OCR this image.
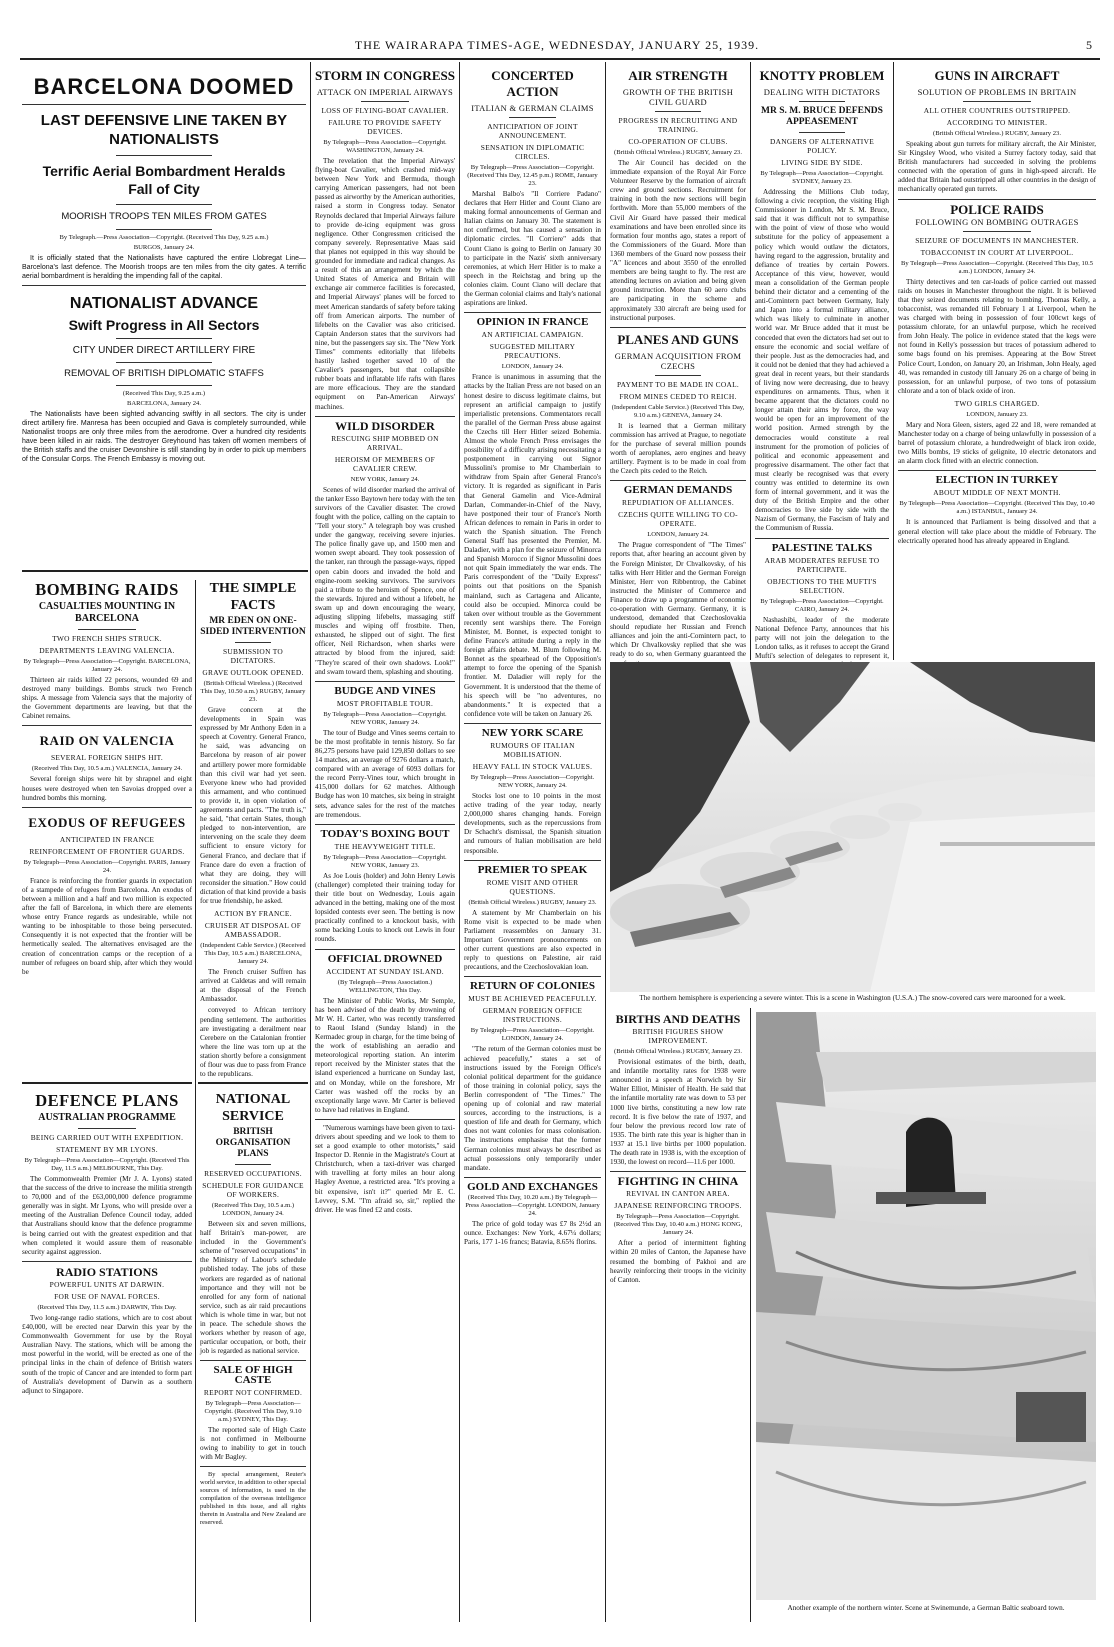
THE WAIRARAPA TIMES-AGE, WEDNESDAY, JANUARY 25, 1939.	5
BARCELONA DOOMED
LAST DEFENSIVE LINE TAKEN BY NATIONALISTS
Terrific Aerial Bombardment Heralds Fall of City
MOORISH TROOPS TEN MILES FROM GATES
By Telegraph.—Press Association—Copyright. (Received This Day, 9.25 a.m.)
BURGOS, January 24.

It is officially stated that the Nationalists have captured the entire Llobregat Line—Barcelona's last defence. The Moorish troops are ten miles from the city gates. A terrific aerial bombardment is heralding the impending fall of the capital.

NATIONALIST ADVANCE
Swift Progress in All Sectors
CITY UNDER DIRECT ARTILLERY FIRE
REMOVAL OF BRITISH DIPLOMATIC STAFFS
(Received This Day, 9.25 a.m.)
BARCELONA, January 24.

The Nationalists have been sighted advancing swiftly in all sectors. The city is under direct artillery fire. Manresa has been occupied and Gava is completely surrounded, while Nationalist troops are only three miles from the aerodrome. Over a hundred city residents have been killed in air raids. The destroyer Greyhound has taken off women members of the British staffs and the cruiser Devonshire is still standing by in order to pick up members of the Consular Corps. The French Embassy is moving out.

BOMBING RAIDS
CASUALTIES MOUNTING IN BARCELONA
TWO FRENCH SHIPS STRUCK.
DEPARTMENTS LEAVING VALENCIA.
By Telegraph—Press Association—Copyright. BARCELONA, January 24.

Thirteen air raids killed 22 persons, wounded 69 and destroyed many buildings. Bombs struck two French ships. A message from Valencia says that the majority of the Government departments are leaving, but that the Cabinet remains.

RAID ON VALENCIA
SEVERAL FOREIGN SHIPS HIT.
(Received This Day, 10.5 a.m.) VALENCIA, January 24.

Several foreign ships were hit by shrapnel and eight houses were destroyed when ten Savoias dropped over a hundred bombs this morning.

EXODUS OF REFUGEES
ANTICIPATED IN FRANCE
REINFORCEMENT OF FRONTIER GUARDS.
By Telegraph—Press Association—Copyright. PARIS, January 24.

France is reinforcing the frontier guards in expectation of a stampede of refugees from Barcelona. An exodus of between a million and a half and two million is expected after the fall of Barcelona, in which there are elements whose entry France regards as undesirable, while not wanting to be inhospitable to those being persecuted. Consequently it is not expected that the frontier will be hermetically sealed. The alternatives envisaged are the creation of concentration camps or the reception of a number of refugees on board ship, after which they would be

DEFENCE PLANS
AUSTRALIAN PROGRAMME
BEING CARRIED OUT WITH EXPEDITION.
STATEMENT BY MR LYONS.
By Telegraph—Press Association—Copyright. (Received This Day, 11.5 a.m.) MELBOURNE, This Day.

The Commonwealth Premier (Mr J. A. Lyons) stated that the success of the drive to increase the militia strength to 70,000 and of the £63,000,000 defence programme generally was in sight. Mr Lyons, who will preside over a meeting of the Australian Defence Council today, added that Australians should know that the defence programme is being carried out with the greatest expedition and that when completed it would assure them of reasonable security against aggression.

RADIO STATIONS
POWERFUL UNITS AT DARWIN.
FOR USE OF NAVAL FORCES.
(Received This Day, 11.5 a.m.) DARWIN, This Day.

Two long-range radio stations, which are to cost about £40,000, will be erected near Darwin this year by the Commonwealth Government for use by the Royal Australian Navy. The stations, which will be among the most powerful in the world, will be erected as one of the principal links in the chain of defence of British waters south of the tropic of Cancer and are intended to form part of Australia's development of Darwin as a southern adjunct to Singapore.

THE SIMPLE FACTS
MR EDEN ON ONE-SIDED INTERVENTION
SUBMISSION TO DICTATORS.
GRAVE OUTLOOK OPENED.
(British Official Wireless.) (Received This Day, 10.50 a.m.) RUGBY, January 23.

Grave concern at the developments in Spain was expressed by Mr Anthony Eden in a speech at Coventry. General Franco, he said, was advancing on Barcelona by reason of air power and artillery power more formidable than this civil war had yet seen. Everyone knew who had provided this armament, and who continued to provide it, in open violation of agreements and pacts. "The truth is," he said, "that certain States, though pledged to non-intervention, are intervening on the scale they deem sufficient to ensure victory for General Franco, and declare that if France dare do even a fraction of what they are doing, they will reconsider the situation." How could dictation of that kind provide a basis for true friendship, he asked.

ACTION BY FRANCE.
CRUISER AT DISPOSAL OF AMBASSADOR.
(Independent Cable Service.) (Received This Day, 10.5 a.m.) BARCELONA, January 24.

The French cruiser Suffren has arrived at Caldetas and will remain at the disposal of the French Ambassador.

conveyed to African territory pending settlement. The authorities are investigating a derailment near Cerebere on the Catalonian frontier where the line was torn up at the station shortly before a consignment of flour was due to pass from France to the republicans.

NATIONAL SERVICE
BRITISH ORGANISATION PLANS
RESERVED OCCUPATIONS.
SCHEDULE FOR GUIDANCE OF WORKERS.
(Received This Day, 10.5 a.m.) LONDON, January 24.

Between six and seven millions, half Britain's man-power, are included in the Government's scheme of "reserved occupations" in the Ministry of Labour's schedule published today. The jobs of these workers are regarded as of national importance and they will not be enrolled for any form of national service, such as air raid precautions which is whole time in war, but not in peace. The schedule shows the workers whether by reason of age, particular occupation, or both, their job is regarded as national service.

SALE OF HIGH CASTE
REPORT NOT CONFIRMED.
By Telegraph—Press Association—Copyright. (Received This Day, 9.10 a.m.) SYDNEY, This Day.

The reported sale of High Caste is not confirmed in Melbourne owing to inability to get in touch with Mr Bagley.

By special arrangement, Reuter's world service, in addition to other special sources of information, is used in the compilation of the overseas intelligence published in this issue, and all rights therein in Australia and New Zealand are reserved.

STORM IN CONGRESS
ATTACK ON IMPERIAL AIRWAYS
LOSS OF FLYING-BOAT CAVALIER.
FAILURE TO PROVIDE SAFETY DEVICES.
By Telegraph—Press Association—Copyright. WASHINGTON, January 24.

The revelation that the Imperial Airways' flying-boat Cavalier, which crashed mid-way between New York and Bermuda, though carrying American passengers, had not been passed as airworthy by the American authorities, raised a storm in Congress today. Senator Reynolds declared that Imperial Airways failure to provide de-icing equipment was gross negligence. Other Congressmen criticised the company severely. Representative Maas said that planes not equipped in this way should be grounded for immediate and radical changes. As a result of this an arrangement by which the United States of America and Britain will exchange air commerce facilities is forecasted, and Imperial Airways' planes will be forced to meet American standards of safety before taking off from American airports. The number of lifebelts on the Cavalier was also criticised. Captain Anderson states that the survivors had nine, but the passengers say six. The "New York Times" comments editorially that lifebelts hastily lashed together saved 10 of the Cavalier's passengers, but that collapsible rubber boats and inflatable life rafts with flares are more efficacious. They are the standard equipment on Pan-American Airways' machines.

WILD DISORDER
RESCUING SHIP MOBBED ON ARRIVAL.
HEROISM OF MEMBERS OF CAVALIER CREW.
NEW YORK, January 24.

Scenes of wild disorder marked the arrival of the tanker Esso Baytown here today with the ten survivors of the Cavalier disaster. The crowd fought with the police, calling on the captain to "Tell your story." A telegraph boy was crushed under the gangway, receiving severe injuries. The police finally gave up, and 1500 men and women swept aboard. They took possession of the tanker, ran through the passage-ways, ripped open cabin doors and invaded the hold and engine-room seeking survivors. The survivors paid a tribute to the heroism of Spence, one of the stewards. Injured and without a lifebelt, he swam up and down encouraging the weary, adjusting slipping lifebelts, massaging stiff muscles and wiping off frostbite. Then, exhausted, he slipped out of sight. The first officer, Neil Richardson, when sharks were attracted by blood from the injured, said: "They're scared of their own shadows. Look!" and swam toward them, splashing and shouting.

BUDGE AND VINES
MOST PROFITABLE TOUR.
By Telegraph—Press Association—Copyright. NEW YORK, January 24.

The tour of Budge and Vines seems certain to be the most profitable in tennis history. So far 86,275 persons have paid 129,850 dollars to see 14 matches, an average of 9276 dollars a match, compared with an average of 6093 dollars for the record Perry-Vines tour, which brought in 415,000 dollars for 62 matches. Although Budge has won 10 matches, six being in straight sets, advance sales for the rest of the matches are tremendous.

TODAY'S BOXING BOUT
THE HEAVYWEIGHT TITLE.
By Telegraph—Press Association—Copyright. NEW YORK, January 23.

As Joe Louis (holder) and John Henry Lewis (challenger) completed their training today for their title bout on Wednesday, Louis again advanced in the betting, making one of the most lopsided contests ever seen. The betting is now practically confined to a knockout basis, with some backing Louis to knock out Lewis in four rounds.

OFFICIAL DROWNED
ACCIDENT AT SUNDAY ISLAND.
(By Telegraph—Press Association.) WELLINGTON, This Day.

The Minister of Public Works, Mr Semple, has been advised of the death by drowning of Mr W. H. Carter, who was recently transferred to Raoul Island (Sunday Island) in the Kermadec group in charge, for the time being of the work of establishing an aeradio and meteorological reporting station. An interim report received by the Minister states that the island experienced a hurricane on Sunday last, and on Monday, while on the foreshore, Mr Carter was washed off the rocks by an exceptionally large wave. Mr Carter is believed to have had relatives in England.

"Numerous warnings have been given to taxi-drivers about speeding and we look to them to set a good example to other motorists," said Inspector D. Rennie in the Magistrate's Court at Christchurch, when a taxi-driver was charged with travelling at forty miles an hour along Hagley Avenue, a restricted area. "It's proving a bit expensive, isn't it?" queried Mr E. C. Levvey, S.M. "I'm afraid so, sir," replied the driver. He was fined £2 and costs.

CONCERTED ACTION
ITALIAN & GERMAN CLAIMS
ANTICIPATION OF JOINT ANNOUNCEMENT.
SENSATION IN DIPLOMATIC CIRCLES.
By Telegraph—Press Association—Copyright. (Received This Day, 12.45 p.m.) ROME, January 23.

Marshal Balbo's "Il Corriere Padano" declares that Herr Hitler and Count Ciano are making formal announcements of German and Italian claims on January 30. The statement is not confirmed, but has caused a sensation in diplomatic circles. "Il Corriere" adds that Count Ciano is going to Berlin on January 30 to participate in the Nazis' sixth anniversary ceremonies, at which Herr Hitler is to make a speech in the Reichstag and bring up the colonies claim. Count Ciano will declare that the German colonial claims and Italy's national aspirations are linked.

OPINION IN FRANCE
AN ARTIFICIAL CAMPAIGN.
SUGGESTED MILITARY PRECAUTIONS.
LONDON, January 24.

France is unanimous in assuming that the attacks by the Italian Press are not based on an honest desire to discuss legitimate claims, but represent an artificial campaign to justify imperialistic pretensions. Commentators recall the parallel of the German Press abuse against the Czechs till Herr Hitler seized Bohemia. Almost the whole French Press envisages the possibility of a difficulty arising necessitating a postponement in carrying out Signor Mussolini's promise to Mr Chamberlain to withdraw from Spain after General Franco's victory. It is regarded as significant in Paris that General Gamelin and Vice-Admiral Darlan, Commander-in-Chief of the Navy, have postponed their tour of France's North African defences to remain in Paris in order to watch the Spanish situation. The French General Staff has presented the Premier, M. Daladier, with a plan for the seizure of Minorca and Spanish Morocco if Signor Mussolini does not quit Spain immediately the war ends. The Paris correspondent of the "Daily Express" points out that positions on the Spanish mainland, such as Cartagena and Alicante, could also be occupied. Minorca could be taken over without trouble as the Government recently sent warships there. The Foreign Minister, M. Bonnet, is expected tonight to define France's attitude during a reply in the foreign affairs debate. M. Blum following M. Bonnet as the spearhead of the Opposition's attempt to force the opening of the Spanish frontier. M. Daladier will reply for the Government. It is understood that the theme of his speech will be "no adventures, no abandonments." It is expected that a confidence vote will be taken on January 26.

NEW YORK SCARE
RUMOURS OF ITALIAN MOBILISATION.
HEAVY FALL IN STOCK VALUES.
By Telegraph—Press Association—Copyright. NEW YORK, January 24.

Stocks lost one to 10 points in the most active trading of the year today, nearly 2,000,000 shares changing hands. Foreign developments, such as the repercussions from Dr Schacht's dismissal, the Spanish situation and rumours of Italian mobilisation are held responsible.

PREMIER TO SPEAK
ROME VISIT AND OTHER QUESTIONS.
(British Official Wireless.) RUGBY, January 23.

A statement by Mr Chamberlain on his Rome visit is expected to be made when Parliament reassembles on January 31. Important Government pronouncements on other current questions are also expected in reply to questions on Palestine, air raid precautions, and the Czechoslovakian loan.

RETURN OF COLONIES
MUST BE ACHIEVED PEACEFULLY.
GERMAN FOREIGN OFFICE INSTRUCTIONS.
By Telegraph—Press Association—Copyright. LONDON, January 24.

"The return of the German colonies must be achieved peacefully," states a set of instructions issued by the Foreign Office's colonial political department for the guidance of those training in colonial policy, says the Berlin correspondent of "The Times." The opening up of colonial and raw material sources, according to the instructions, is a question of life and death for Germany, which does not want colonies for mass colonisation. The instructions emphasise that the former German colonies must always be described as actual possessions only temporarily under mandate.

GOLD AND EXCHANGES
(Received This Day, 10.20 a.m.) By Telegraph—Press Association—Copyright. LONDON, January 24.

The price of gold today was £7 8s 2½d an ounce. Exchanges: New York, 4.67¼ dollars; Paris, 177 1-16 francs; Batavia, 8.65¾ florins.

AIR STRENGTH
GROWTH OF THE BRITISH CIVIL GUARD
PROGRESS IN RECRUITING AND TRAINING.
CO-OPERATION OF CLUBS.
(British Official Wireless.) RUGBY, January 23.

The Air Council has decided on the immediate expansion of the Royal Air Force Volunteer Reserve by the formation of aircraft crew and ground sections. Recruitment for training in both the new sections will begin forthwith. More than 55,000 members of the Civil Air Guard have passed their medical examinations and have been enrolled since its formation four months ago, states a report of the Commissioners of the Guard. More than 1360 members of the Guard now possess their "A" licences and about 3550 of the enrolled members are being taught to fly. The rest are attending lectures on aviation and being given ground instruction. More than 60 aero clubs are participating in the scheme and approximately 330 aircraft are being used for instructional purposes.

PLANES AND GUNS
GERMAN ACQUISITION FROM CZECHS
PAYMENT TO BE MADE IN COAL.
FROM MINES CEDED TO REICH.
(Independent Cable Service.) (Received This Day, 9.10 a.m.) GENEVA, January 24.

It is learned that a German military commission has arrived at Prague, to negotiate for the purchase of several million pounds worth of aeroplanes, aero engines and heavy artillery. Payment is to be made in coal from the Czech pits ceded to the Reich.

GERMAN DEMANDS
REPUDIATION OF ALLIANCES.
CZECHS QUITE WILLING TO CO-OPERATE.
LONDON, January 24.

The Prague correspondent of "The Times" reports that, after hearing an account given by the Foreign Minister, Dr Chvalkovsky, of his talks with Herr Hitler and the German Foreign Minister, Herr von Ribbentrop, the Cabinet instructed the Minister of Commerce and Finance to draw up a programme of economic co-operation with Germany. Germany, it is understood, demanded that Czechoslovakia should repudiate her Russian and French alliances and join the anti-Comintern pact, to which Dr Chvalkovsky replied that she was ready to do so, when Germany guaranteed the

KNOTTY PROBLEM
DEALING WITH DICTATORS
MR S. M. BRUCE DEFENDS APPEASEMENT
DANGERS OF ALTERNATIVE POLICY.
LIVING SIDE BY SIDE.
By Telegraph—Press Association—Copyright. SYDNEY, January 23.

Addressing the Millions Club today, following a civic reception, the visiting High Commissioner in London, Mr S. M. Bruce, said that it was difficult not to sympathise with the point of view of those who would substitute for the policy of appeasement a policy which would outlaw the dictators, having regard to the aggression, brutality and defiance of treaties by certain Powers. Acceptance of this view, however, would mean a consolidation of the German people behind their dictator and a cementing of the anti-Comintern pact between Germany, Italy and Japan into a formal military alliance, which was likely to culminate in another world war. Mr Bruce added that it must be conceded that even the dictators had set out to ensure the economic and social welfare of their people. Just as the democracies had, and it could not be denied that they had achieved a great deal in recent years, but their standards of living now were decreasing, due to heavy expenditures on armaments. Thus, when it became apparent that the dictators could no longer attain their aims by force, the way would be open for an improvement of the world position. Armed strength by the democracies would constitute a real instrument for the promotion of policies of political and economic appeasement and progressive disarmament. The other fact that must clearly be recognised was that every country was entitled to determine its own form of internal government, and it was the duty of the British Empire and the other democracies to live side by side with the Nazism of Germany, the Fascism of Italy and the Communism of Russia.

PALESTINE TALKS
ARAB MODERATES REFUSE TO PARTICIPATE.
OBJECTIONS TO THE MUFTI'S SELECTION.
By Telegraph—Press Association—Copyright. CAIRO, January 24.

Nashashibi, leader of the moderate National Defence Party, announces that his party will not join the delegation to the London talks, as it refuses to accept the Grand Mufti's selection of delegates to represent it,

GUNS IN AIRCRAFT
SOLUTION OF PROBLEMS IN BRITAIN
ALL OTHER COUNTRIES OUTSTRIPPED.
ACCORDING TO MINISTER.
(British Official Wireless.) RUGBY, January 23.

Speaking about gun turrets for military aircraft, the Air Minister, Sir Kingsley Wood, who visited a Surrey factory today, said that British manufacturers had succeeded in solving the problems connected with the operation of guns in high-speed aircraft. He added that Britain had outstripped all other countries in the design of mechanically operated gun turrets.

POLICE RAIDS
FOLLOWING ON BOMBING OUTRAGES
SEIZURE OF DOCUMENTS IN MANCHESTER.
TOBACCONIST IN COURT AT LIVERPOOL.
By Telegraph—Press Association—Copyright. (Received This Day, 10.5 a.m.) LONDON, January 24.

Thirty detectives and ten car-loads of police carried out massed raids on houses in Manchester throughout the night. It is believed that they seized documents relating to bombing. Thomas Kelly, a tobacconist, was remanded till February 1 at Liverpool, when he was charged with being in possession of four 100cwt kegs of potassium chlorate, for an unlawful purpose, which he received from John Healy. The police in evidence stated that the kegs were not found in Kelly's possession but traces of potassium adhered to some bags found on his premises. Appearing at the Bow Street Police Court, London, on January 20, an Irishman, John Healy, aged 40, was remanded in custody till January 26 on a charge of being in possession, for an unlawful purpose, of two tons of potassium chlorate and a ton of black oxide of iron.

TWO GIRLS CHARGED.
LONDON, January 23.

Mary and Nora Gleen, sisters, aged 22 and 18, were remanded at Manchester today on a charge of being unlawfully in possession of a barrel of potassium chlorate, a hundredweight of black iron oxide, two Mills bombs, 19 sticks of gelignite, 10 electric detonators and an alarm clock fitted with an electric connection.

ELECTION IN TURKEY
ABOUT MIDDLE OF NEXT MONTH.
By Telegraph—Press Association—Copyright. (Received This Day, 10.40 a.m.) ISTANBUL, January 24.

It is announced that Parliament is being dissolved and that a general election will take place about the middle of February. The electrically operated hood has already appeared in England.

The northern hemisphere is experiencing a severe winter. This is a scene in Washington (U.S.A.) The snow-covered cars were marooned for a week.
BIRTHS AND DEATHS
BRITISH FIGURES SHOW IMPROVEMENT.
(British Official Wireless.) RUGBY, January 23.

Provisional estimates of the birth, death, and infantile mortality rates for 1938 were announced in a speech at Norwich by Sir Walter Elliot, Minister of Health. He said that the infantile mortality rate was down to 53 per 1000 live births, constituting a new low rate record. It is five below the rate of 1937, and four below the previous record low rate of 1935. The birth rate this year is higher than in 1937 at 15.1 live births per 1000 population. The death rate in 1938 is, with the exception of 1930, the lowest on record—11.6 per 1000.

FIGHTING IN CHINA
REVIVAL IN CANTON AREA.
JAPANESE REINFORCING TROOPS.
By Telegraph—Press Association—Copyright. (Received This Day, 10.40 a.m.) HONG KONG, January 24.

After a period of intermittent fighting within 20 miles of Canton, the Japanese have resumed the bombing of Pakhoi and are heavily reinforcing their troops in the vicinity of Canton.

Another example of the northern winter. Scene at Swinemunde, a German Baltic seaboard town.
